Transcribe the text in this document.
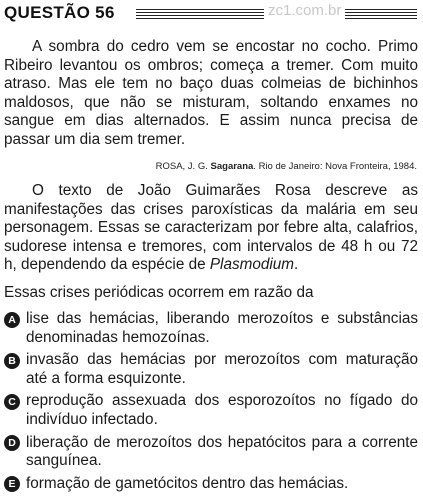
QUESTÃO 56	zc1.com.br

A sombra do cedro vem se encostar no cocho. Primo Ribeiro levantou os ombros; começa a tremer. Com muito atraso. Mas ele tem no baço duas colmeias de bichinhos maldosos, que não se misturam, soltando enxames no sangue em dias alternados. E assim nunca precisa de passar um dia sem tremer.

ROSA, J. G. Sagarana. Rio de Janeiro: Nova Fronteira, 1984.

O texto de João Guimarães Rosa descreve as manifestações das crises paroxísticas da malária em seu personagem. Essas se caracterizam por febre alta, calafrios, sudorese intensa e tremores, com intervalos de 48 h ou 72 h, dependendo da espécie de Plasmodium.

Essas crises periódicas ocorrem em razão da
A lise das hemácias, liberando merozoítos e substâncias denominadas hemozoínas.
B invasão das hemácias por merozoítos com maturação até a forma esquizonte.
C reprodução assexuada dos esporozoítos no fígado do indivíduo infectado.
D liberação de merozoítos dos hepatócitos para a corrente sanguínea.
E formação de gametócitos dentro das hemácias.
